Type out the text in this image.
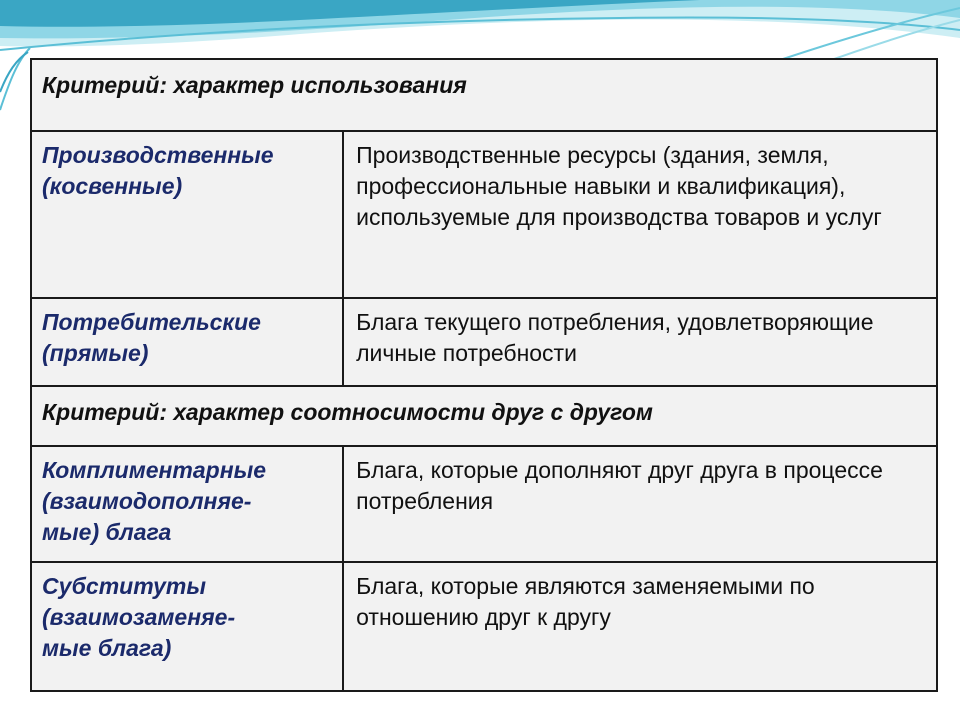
Критерий: характер использования	

Производственные
(косвенные)	Производственные ресурсы (здания, земля, профессиональные навыки и квалификация), используемые для производства товаров и услуг

Потребительские
(прямые)	Блага текущего потребления, удовлетворяющие личные потребности
Критерий: характер соотносимости друг с другом	

Комплиментарные
(взаимодополняе-
мые) блага	Блага, которые дополняют друг друга в процессе потребления

Субституты
(взаимозаменяе-
мые блага)	Блага, которые являются заменяемыми по отношению друг к другу
